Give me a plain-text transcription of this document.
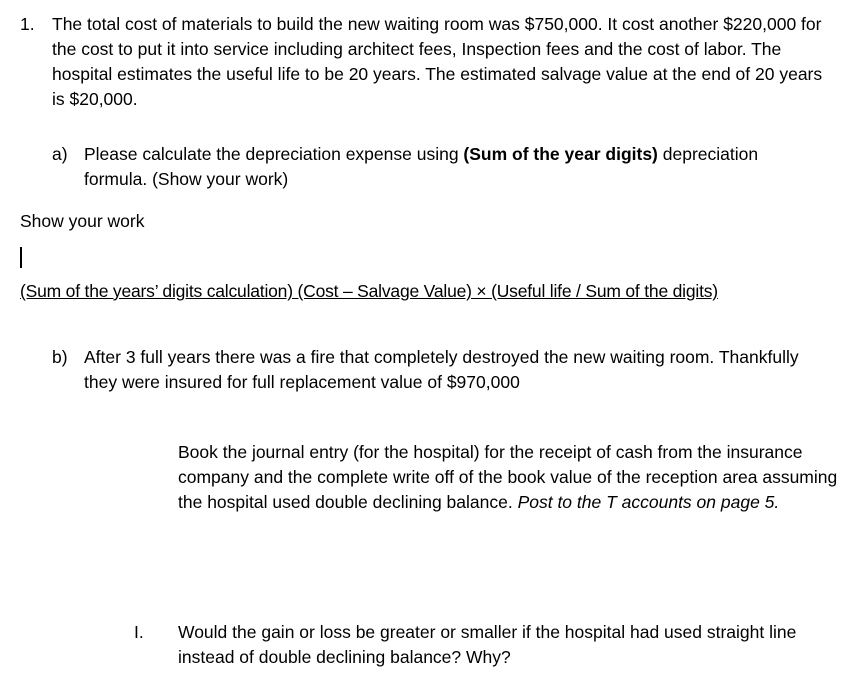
1. The total cost of materials to build the new waiting room was $750,000. It cost another $220,000 for the cost to put it into service including architect fees, Inspection fees and the cost of labor. The hospital estimates the useful life to be 20 years. The estimated salvage value at the end of 20 years is $20,000.
a) Please calculate the depreciation expense using (Sum of the year digits) depreciation formula. (Show your work)
Show your work
(Sum of the years’ digits calculation) (Cost – Salvage Value) × (Useful life / Sum of the digits)
b) After 3 full years there was a fire that completely destroyed the new waiting room. Thankfully they were insured for full replacement value of $970,000
Book the journal entry (for the hospital) for the receipt of cash from the insurance company and the complete write off of the book value of the reception area assuming the hospital used double declining balance. Post to the T accounts on page 5.
I. Would the gain or loss be greater or smaller if the hospital had used straight line instead of double declining balance? Why?
